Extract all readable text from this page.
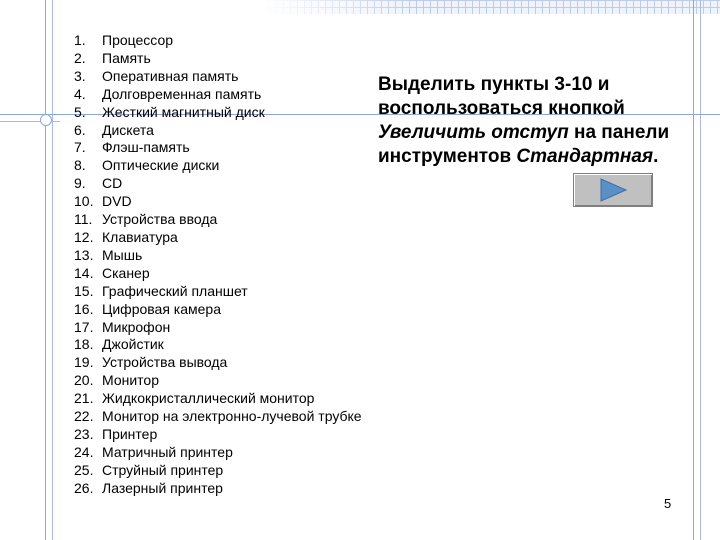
1.	Процессор
2.	Память
3.	Оперативная память
4.	Долговременная память
5.	Жесткий магнитный диск
6.	Дискета
7.	Флэш-память
8.	Оптические диски
9.	CD
10. DVD
11. Устройства ввода
12. Клавиатура
13. Мышь
14. Сканер
15. Графический планшет
16. Цифровая камера
17. Микрофон
18. Джойстик
19. Устройства вывода
20. Монитор
21. Жидкокристаллический монитор
22. Монитор на электронно-лучевой трубке
23. Принтер
24. Матричный принтер
25. Струйный принтер
26. Лазерный принтер
Выделить пункты 3-10 и воспользоваться кнопкой Увеличить отступ на панели инструментов Стандартная.
5
